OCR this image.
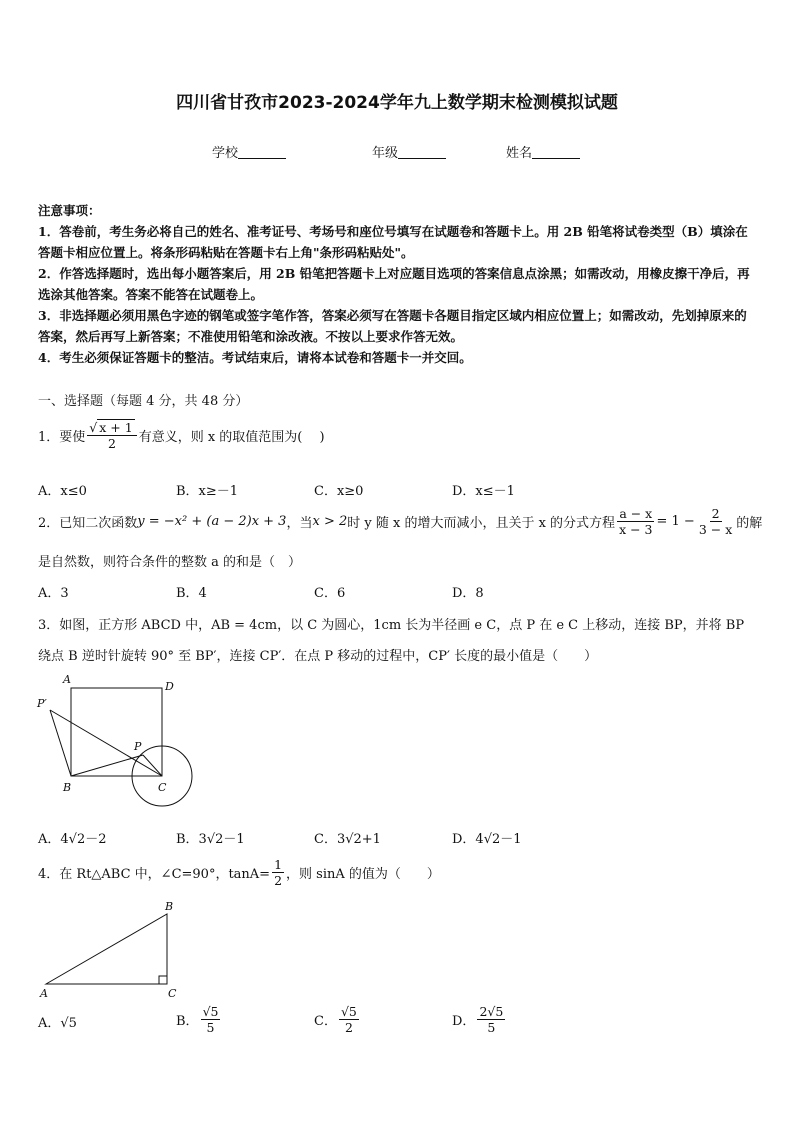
四川省甘孜市2023-2024学年九上数学期末检测模拟试题
学校	年级	姓名

注意事项：

1．答卷前，考生务必将自己的姓名、准考证号、考场号和座位号填写在试题卷和答题卡上。用 2B 铅笔将试卷类型（B）填涂在答题卡相应位置上。将条形码粘贴在答题卡右上角"条形码粘贴处"。

2．作答选择题时，选出每小题答案后，用 2B 铅笔把答题卡上对应题目选项的答案信息点涂黑；如需改动，用橡皮擦干净后，再选涂其他答案。答案不能答在试题卷上。

3．非选择题必须用黑色字迹的钢笔或签字笔作答，答案必须写在答题卡各题目指定区域内相应位置上；如需改动，先划掉原来的答案，然后再写上新答案；不准使用铅笔和涂改液。不按以上要求作答无效。

4．考生必须保证答题卡的整洁。考试结束后，请将本试卷和答题卡一并交回。

一、选择题（每题 4 分，共 48 分）
1．要使 $\frac{√ x + 1}{2}$ 有意义，则 x 的取值范围为(　 )
A．x≤0	B．x≥－1	C．x≥0	D．x≤－1
2．已知二次函数 y = −x² + (a − 2)x + 3 ，当 x > 2 时 y 随 x 的增大而减小，且关于 x 的分式方程 $\frac{a - x}{x - 3} = 1 - \frac{2}{3 - x}$ 的解
是自然数，则符合条件的整数 a 的和是（　）
A．3	B．4	C．6	D．8
3．如图，正方形 ABCD 中，AB = 4cm，以 C 为圆心，1cm 长为半径画 e C，点 P 在 e C 上移动，连接 BP，并将 BP
绕点 B 逆时针旋转 90° 至 BP′，连接 CP′．在点 P 移动的过程中，CP′ 长度的最小值是（　　）
A
D
P′
P
B	C
A．4√2－2	B．3√2－1	C．3√2+1	D．4√2－1
4．在 Rt△ABC 中，∠C=90°，$\tan A= \frac{1}{2}$ ，则 sinA 的值为（　　）
B
A	C
A．√5	B． $\frac{√5}{5}$	C． $\frac{√5}{2}$	D． $\frac{2√5}{5}$
